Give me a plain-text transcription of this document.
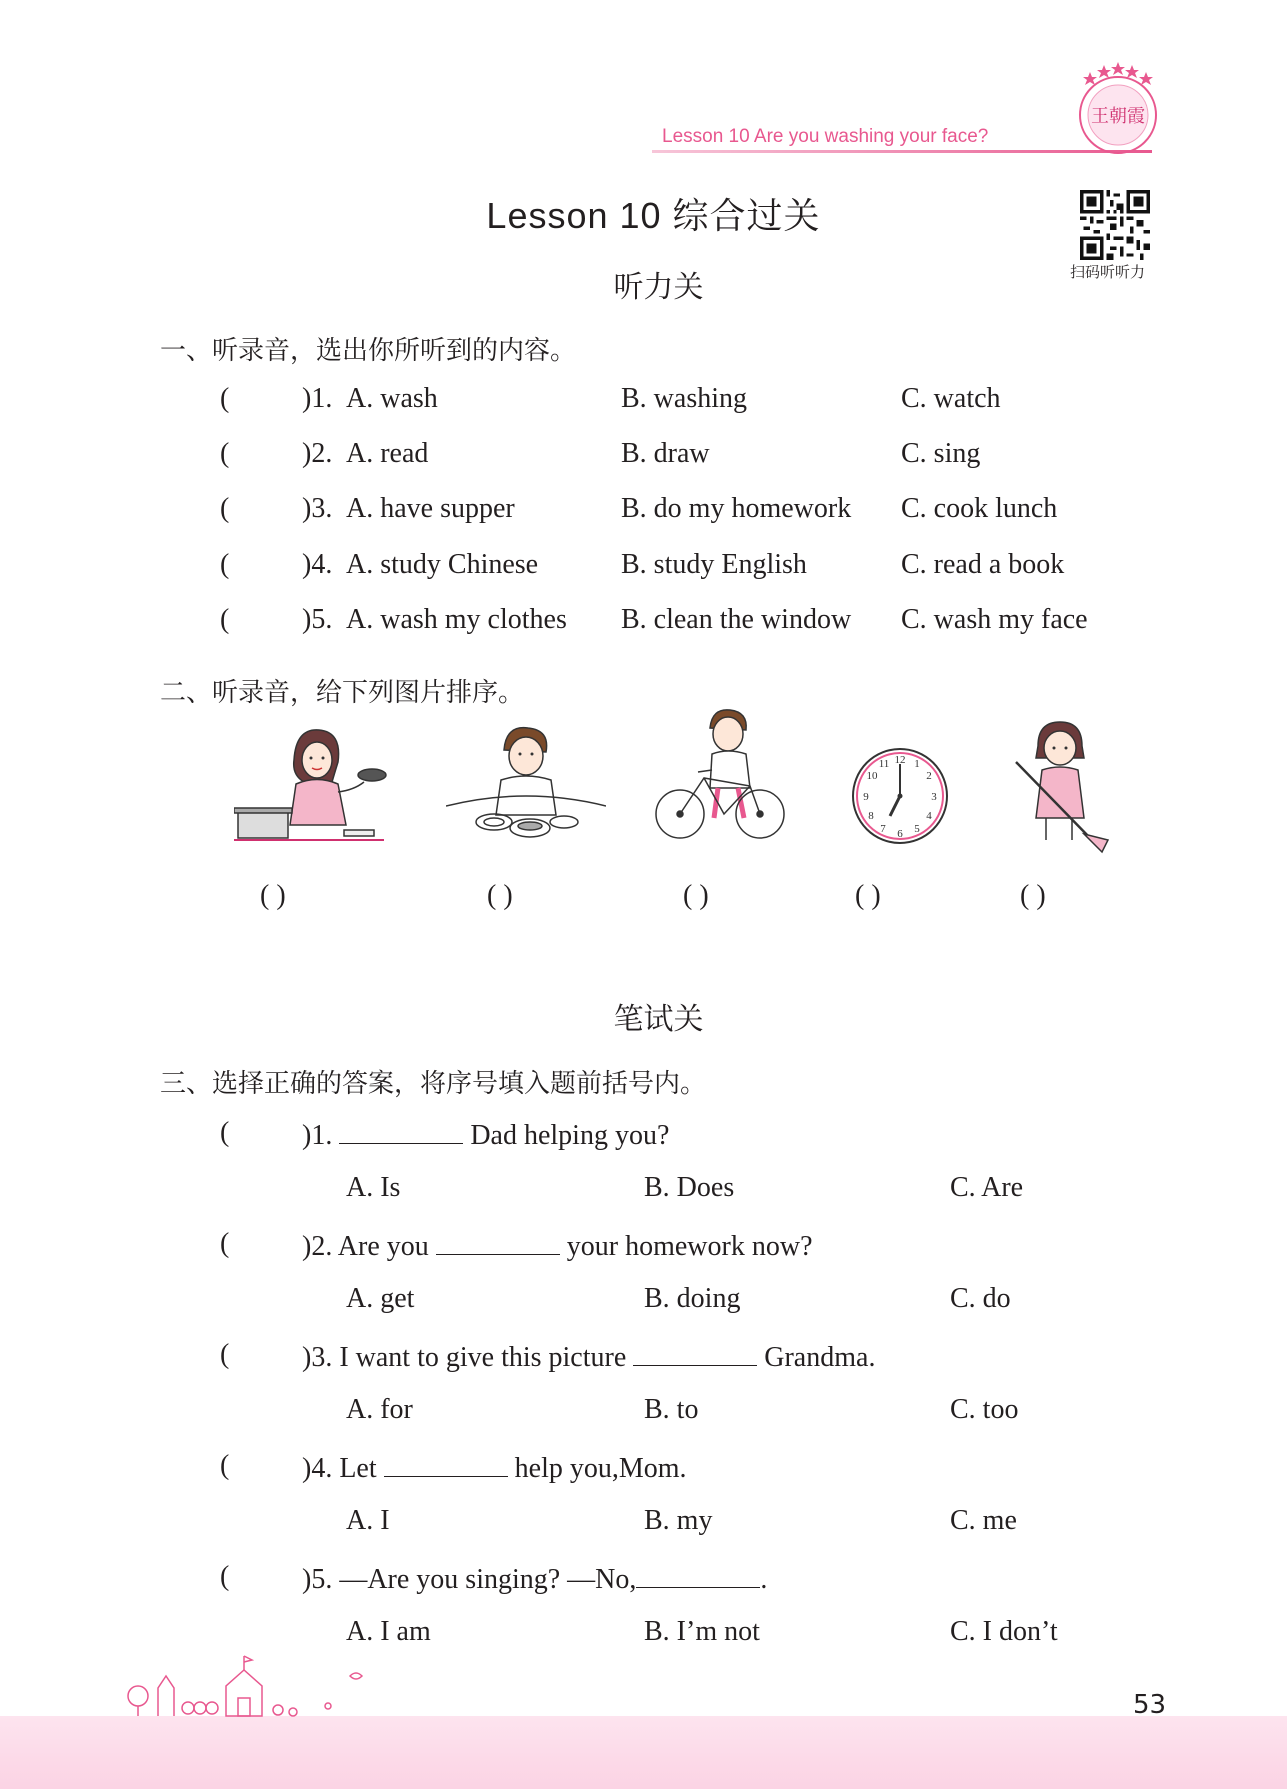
Lesson 10 Are you washing your face?
王朝霞
Lesson 10 综合过关
扫码听听力
听力关
一、听录音，选出你所听到的内容。
(	)1. A. wash	B. washing	C. watch
(	)2. A. read	B. draw	C. sing
(	)3. A. have supper	B. do my homework C. cook lunch
(	)4. A. study Chinese	B. study English	C. read a book
(	)5. A. wash my clothes B. clean the window C. wash my face
二、听录音，给下列图片排序。
12 1
2
3
4
5
6
7
8
9
10
11
( )	( )	( )	( )	( )
笔试关
三、选择正确的答案，将序号填入题前括号内。
(	)1.	Dad helping you?
A. Is	B. Does	C. Are
(	)2. Are you	your homework now?
A. get	B. doing	C. do
(	)3. I want to give this picture	Grandma.
A. for	B. to	C. too
(	)4. Let	help you,Mom.
A. I	B. my	C. me
(	)5. —Are you singing? —No,	.
A. I am	B. I’m not	C. I don’t
53
